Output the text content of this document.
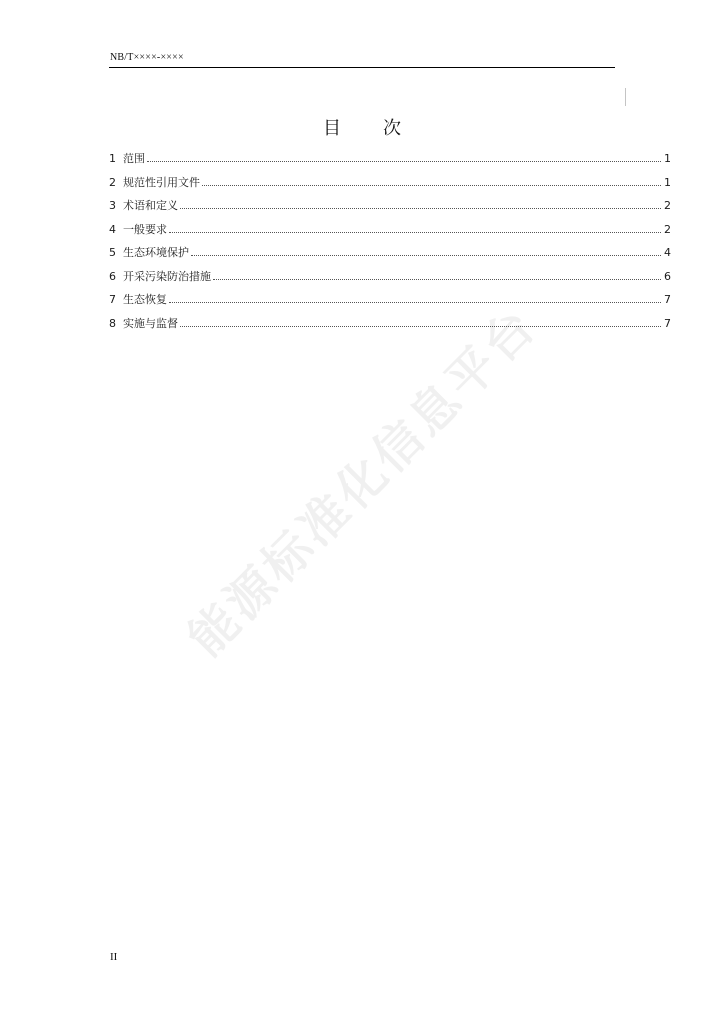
NB/T××××-××××
目 次
1 范围	1
2 规范性引用文件	1
3 术语和定义	2
4 一般要求	2
5 生态环境保护	4
6 开采污染防治措施	6
7 生态恢复	7
8 实施与监督	7
能源标准化信息平台
II
